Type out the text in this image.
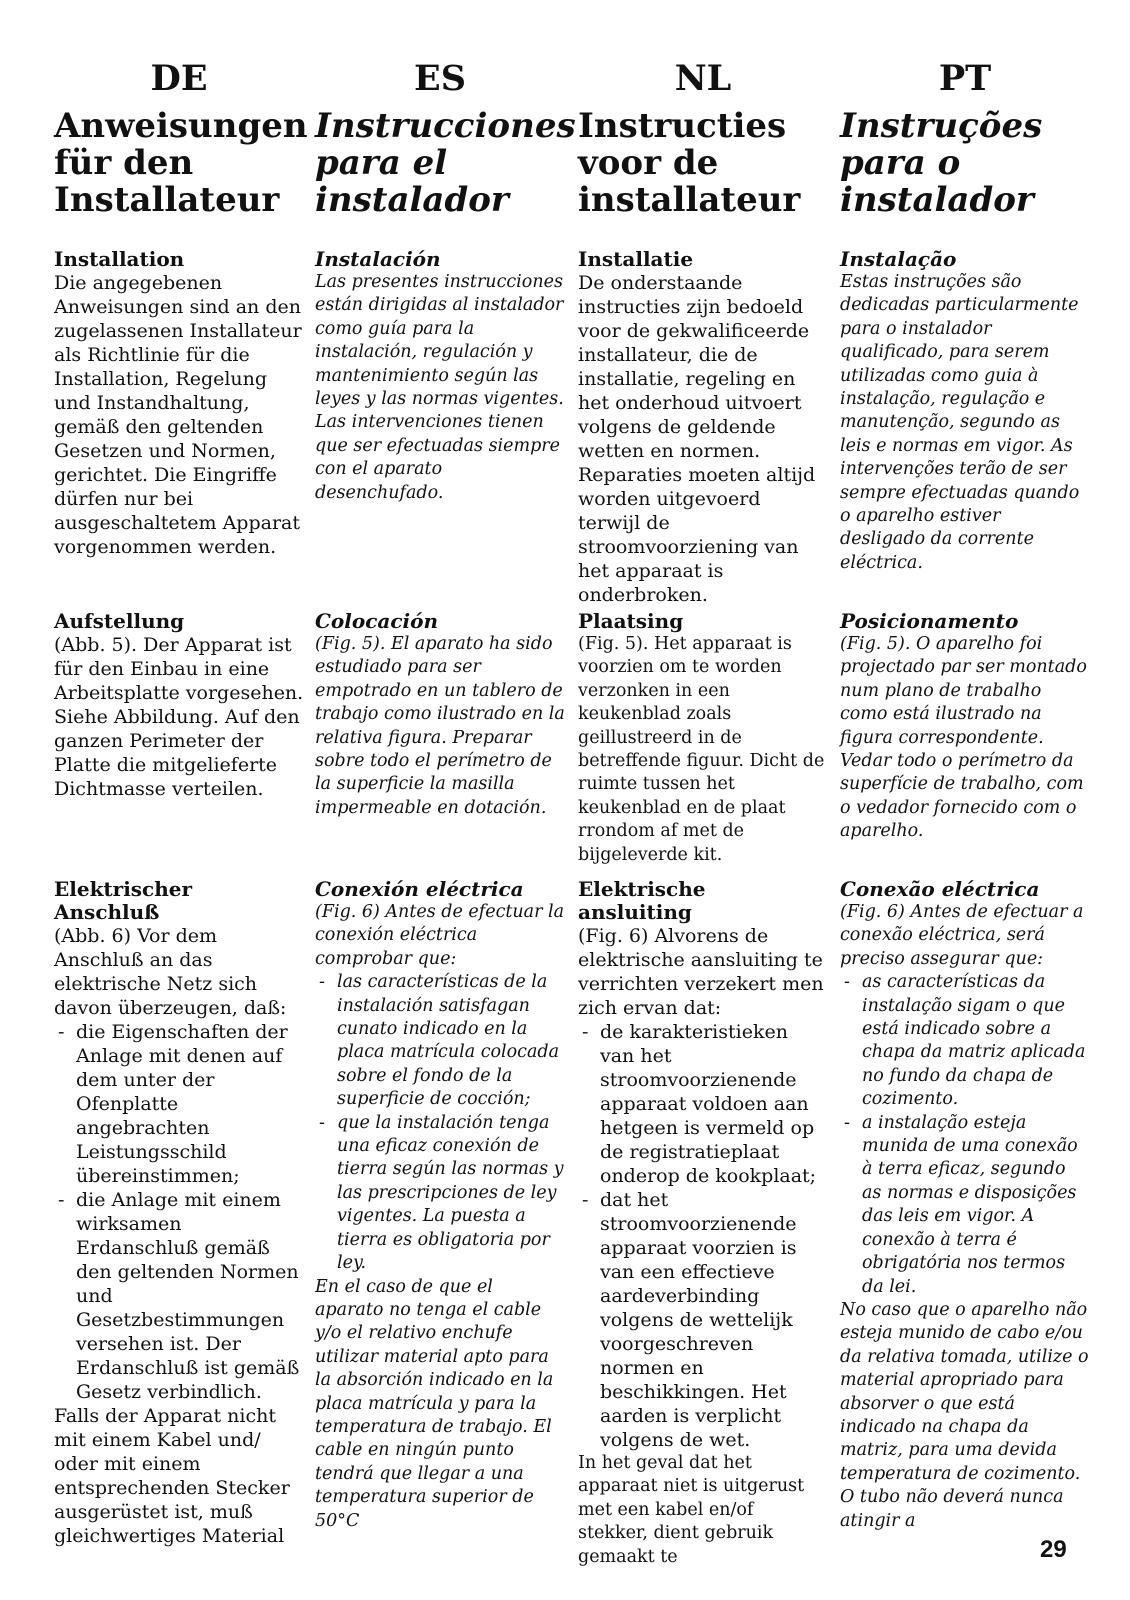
DE
Anweisungen
für den
Installateur
Installation

Die angegebenen Anweisungen sind an den zugelassenen Installateur als Richtlinie für die Installation, Regelung und Instandhaltung, gemäß den geltenden Gesetzen und Normen, gerichtet. Die Eingriffe dürfen nur bei ausgeschaltetem Apparat vorgenommen werden.

Aufstellung

(Abb. 5). Der Apparat ist für den Einbau in eine Arbeitsplatte vorgesehen. Siehe Abbildung. Auf den ganzen Perimeter der Platte die mitgelieferte Dichtmasse verteilen.

Elektrischer
Anschluß

(Abb. 6) Vor dem Anschluß an das elektrische Netz sich davon überzeugen, daß:

- die Eigenschaften der Anlage mit denen auf dem unter der Ofenplatte angebrachten Leistungsschild übereinstimmen;
- die Anlage mit einem wirksamen Erdanschluß gemäß den geltenden Normen und Gesetzbestimmungen versehen ist. Der Erdanschluß ist gemäß Gesetz verbindlich.

Falls der Apparat nicht mit einem Kabel und/ oder mit einem entsprechenden Stecker ausgerüstet ist, muß gleichwertiges Material

ES
Instrucciones
para el
instalador
Instalación

Las presentes instrucciones están dirigidas al instalador como guía para la instalación, regulación y mantenimiento según las leyes y las normas vigentes. Las intervenciones tienen que ser efectuadas siempre con el aparato desenchufado.

Colocación

(Fig. 5). El aparato ha sido estudiado para ser empotrado en un tablero de trabajo como ilustrado en la relativa figura. Preparar sobre todo el perímetro de la superficie la masilla impermeable en dotación.

Conexión eléctrica

(Fig. 6) Antes de efectuar la conexión eléctrica comprobar que:

- las características de la instalación satisfagan cunato indicado en la placa matrícula colocada sobre el fondo de la superficie de cocción;
- que la instalación tenga una eficaz conexión de tierra según las normas y las prescripciones de ley vigentes. La puesta a tierra es obligatoria por ley.

En el caso de que el aparato no tenga el cable y/o el relativo enchufe utilizar material apto para la absorción indicado en la placa matrícula y para la temperatura de trabajo. El cable en ningún punto tendrá que llegar a una temperatura superior de 50°C

NL
Instructies
voor de
installateur
Installatie

De onderstaande instructies zijn bedoeld voor de gekwalificeerde installateur, die de installatie, regeling en het onderhoud uitvoert volgens de geldende wetten en normen. Reparaties moeten altijd worden uitgevoerd terwijl de stroomvoorziening van het apparaat is onderbroken.

Plaatsing

(Fig. 5). Het apparaat is voorzien om te worden verzonken in een keukenblad zoals geillustreerd in de betreffende figuur. Dicht de ruimte tussen het keukenblad en de plaat rrondom af met de bijgeleverde kit.

Elektrische
ansluiting

(Fig. 6) Alvorens de elektrische aansluiting te verrichten verzekert men zich ervan dat:

- de karakteristieken van het stroomvoorzienende apparaat voldoen aan hetgeen is vermeld op de registratieplaat onderop de kookplaat;
- dat het stroomvoorzienende apparaat voorzien is van een effectieve aardeverbinding volgens de wettelijk voorgeschreven normen en beschikkingen. Het aarden is verplicht volgens de wet.

In het geval dat het apparaat niet is uitgerust met een kabel en/of stekker, dient gebruik gemaakt te

PT
Instruções
para o
instalador
Instalação

Estas instruções são dedicadas particularmente para o instalador qualificado, para serem utilizadas como guia à instalação, regulação e manutenção, segundo as leis e normas em vigor. As intervenções terão de ser sempre efectuadas quando o aparelho estiver desligado da corrente eléctrica.

Posicionamento

(Fig. 5). O aparelho foi projectado par ser montado num plano de trabalho como está ilustrado na figura correspondente. Vedar todo o perímetro da superfície de trabalho, com o vedador fornecido com o aparelho.

Conexão eléctrica

(Fig. 6) Antes de efectuar a conexão eléctrica, será preciso assegurar que:

- as características da instalação sigam o que está indicado sobre a chapa da matriz aplicada no fundo da chapa de cozimento.
- a instalação esteja munida de uma conexão à terra eficaz, segundo as normas e disposições das leis em vigor. A conexão à terra é obrigatória nos termos da lei.

No caso que o aparelho não esteja munido de cabo e/ou da relativa tomada, utilize o material apropriado para absorver o que está indicado na chapa da matriz, para uma devida temperatura de cozimento. O tubo não deverá nunca atingir a

29
